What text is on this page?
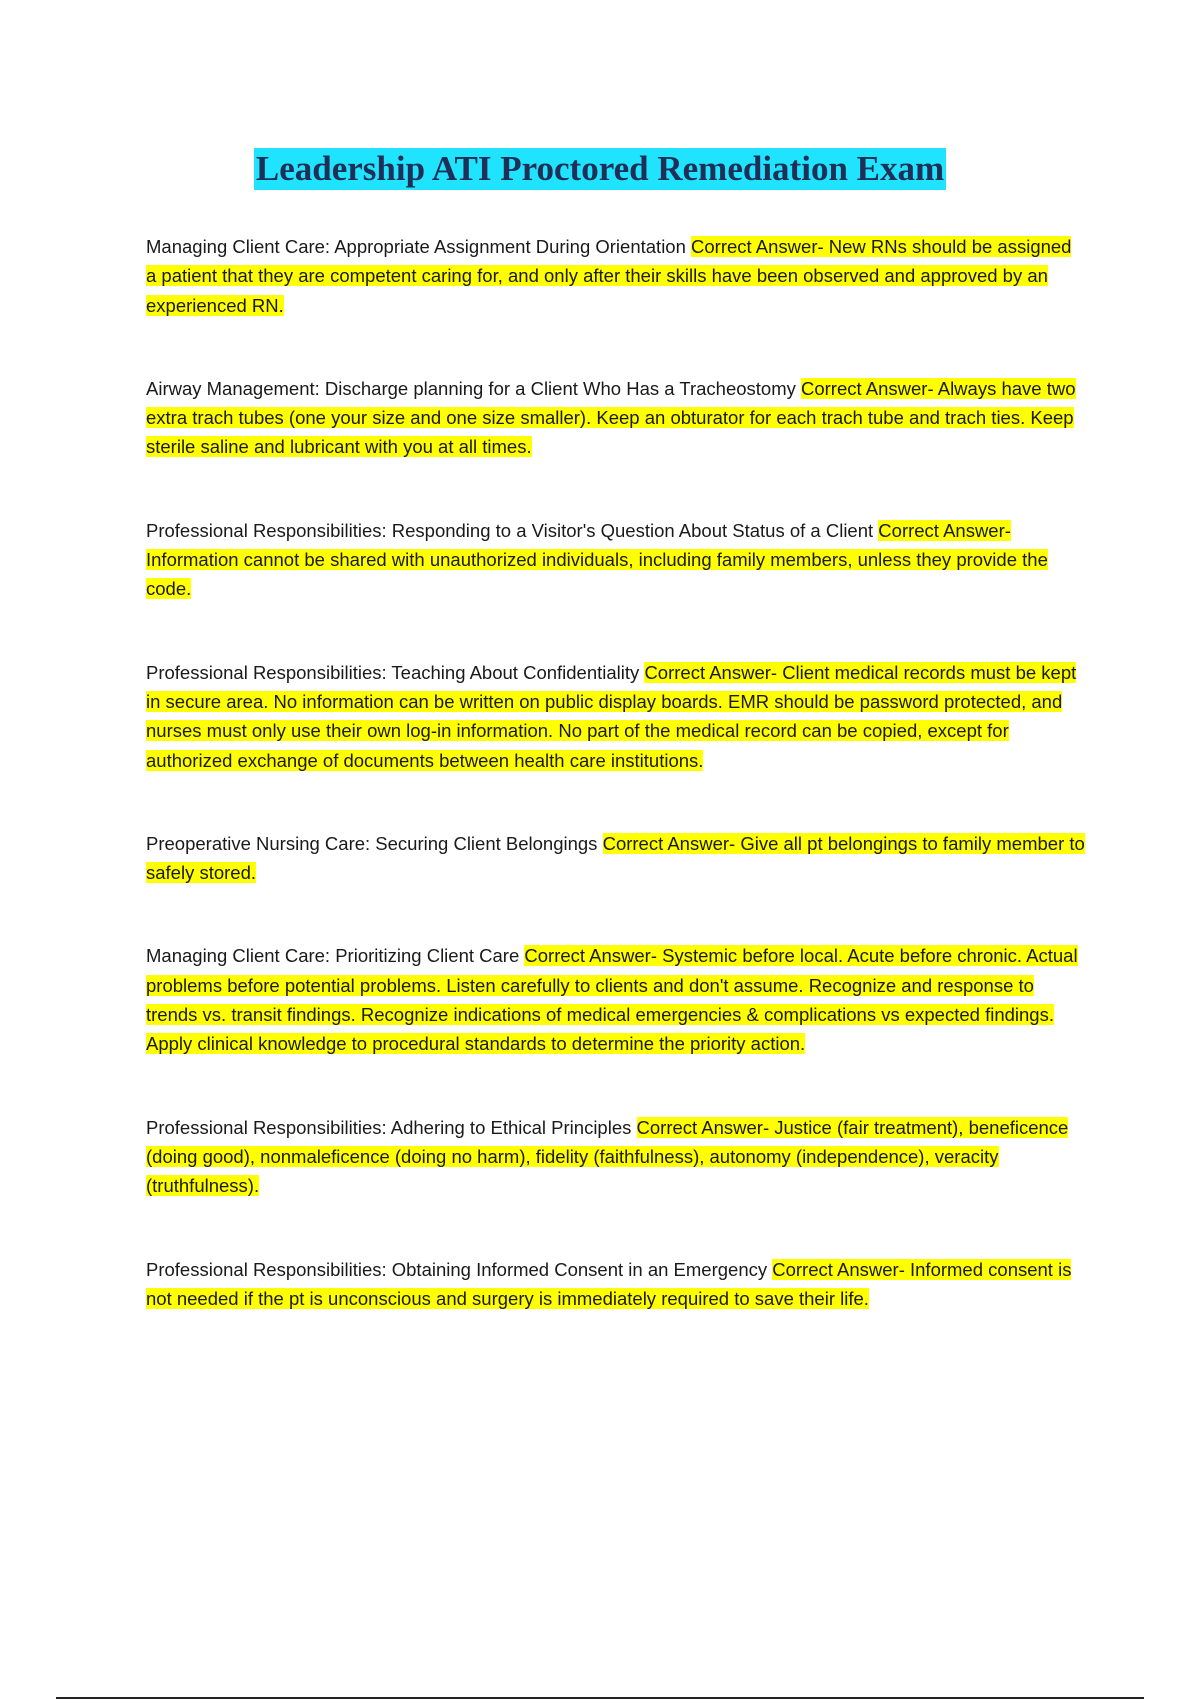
Leadership ATI Proctored Remediation Exam

Managing Client Care: Appropriate Assignment During Orientation Correct Answer- New RNs should be assigned a patient that they are competent caring for, and only after their skills have been observed and approved by an experienced RN.

Airway Management: Discharge planning for a Client Who Has a Tracheostomy Correct Answer- Always have two extra trach tubes (one your size and one size smaller). Keep an obturator for each trach tube and trach ties. Keep sterile saline and lubricant with you at all times.

Professional Responsibilities: Responding to a Visitor's Question About Status of a Client Correct Answer- Information cannot be shared with unauthorized individuals, including family members, unless they provide the code.

Professional Responsibilities: Teaching About Confidentiality Correct Answer- Client medical records must be kept in secure area. No information can be written on public display boards. EMR should be password protected, and nurses must only use their own log-in information. No part of the medical record can be copied, except for authorized exchange of documents between health care institutions.

Preoperative Nursing Care: Securing Client Belongings Correct Answer- Give all pt belongings to family member to safely stored.

Managing Client Care: Prioritizing Client Care Correct Answer- Systemic before local. Acute before chronic. Actual problems before potential problems. Listen carefully to clients and don't assume. Recognize and response to trends vs. transit findings. Recognize indications of medical emergencies & complications vs expected findings. Apply clinical knowledge to procedural standards to determine the priority action.

Professional Responsibilities: Adhering to Ethical Principles Correct Answer- Justice (fair treatment), beneficence (doing good), nonmaleficence (doing no harm), fidelity (faithfulness), autonomy (independence), veracity (truthfulness).

Professional Responsibilities: Obtaining Informed Consent in an Emergency Correct Answer- Informed consent is not needed if the pt is unconscious and surgery is immediately required to save their life.
